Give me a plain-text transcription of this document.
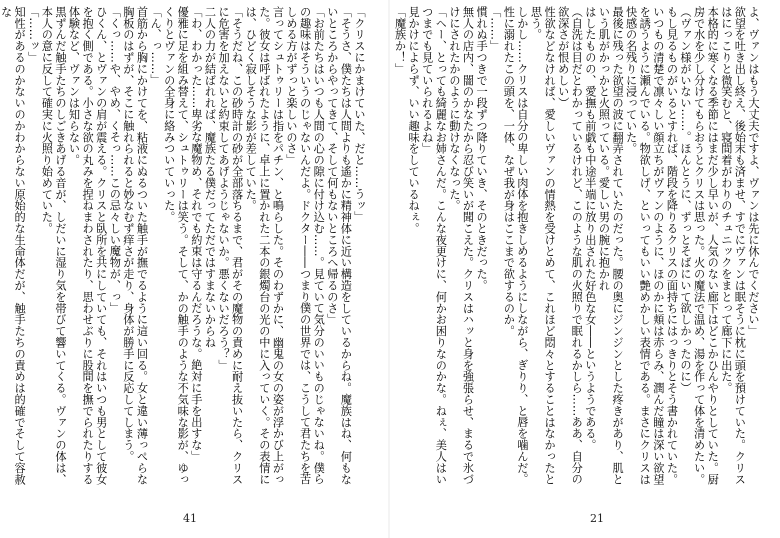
「クリスにかまけていた、だと……うッ」
「そうさ、僕たちは人間よりも遙かに精神体に近い構造をしているからね。魔族はね、何もないところからやってきて、そして何もないところへ帰るのさ」
「お前たちはいつも人間の心の隙に付け込む……。見ていて気分のいいものじゃないね。僕らの趣味はそういうのじゃないんだよ。ドクター――つまり僕の世界では、こうして君たちを苦しめる方がずっと楽しいのさ」
言ってシュトゥリーは指をパチン、と鳴らした。そのわずかに、幽鬼の女の姿が浮かび上がった。彼女は呼ばれたように、卓上に置かれた二本の銀燭台の光の中に入っていく。その表情には、ひどく寂しそうな影が差していた。
「そうだね、この砂時計の砂が全部落ちるまで、君がその魔物の責めに耐え抜いたら、クリスに危害を加えないと約束してあげようじゃないか。悪くないだろう？」
二人の力が結ばれれば、魔族たる僕だってただではすまないからね
「わ、わかった……卑劣な魔物め、それでも約束は守るんだろうな。絶対に手を出すな」
優雅に足を組み替えて、シュトゥリーは笑う。そして、かの触手のような不気味な影が、ゆっくりとヴァンの全身に絡みついていった。
「ん、っ……」
首筋から胸にかけてを、粘液にぬるついた触手が撫でるように這い回る。女と違い薄っぺらな胸板のはずが、そこに触れられると妙なむず痒さが走り、身体が勝手に反応してしまう。
「くっ……や、やめ、くそっ……この忌々しい魔物が、っ」
ひくん、とヴァンの肩が震える。クリスと臥所を共にしていても、それはいつも男として彼女を抱く側である。小さな欲の丸みを捏ねまわされたり、思わせぶりに股間を撫でられたりする体験など、ヴァンは知らない。
黒ずんだ触手たちのしごきあげる音が、しだいに湿り気を帯びて響いてくる。ヴァンの体は、本人の意に反して確実に火照り始めていた。
「……ッ」
知性があるのかないのかわからない原始的な生命体だが、触手たちの責めは的確でそして容赦な
41
よ、ヴァンはもう大丈夫ですよ、ヴァンは先に休んでください」
欲望を吐き出し終え、後始末も済ませ、すでにヴァンは眠そうに枕に頭を預けていた。クリスはにっこりと微笑むと、寝間着がわりのチュニックをまとって廊下に出た。
本格的に寒くなる季節にはまだ少し早いが、人気のない廊下はどこかひんやりとしていた。厨房で水を少し分けてもらおうとクリスは思った。火の魔法で温め、湯を作って体を清めたい。
（ヴァン様がいない……。ほんとうに、ずっとそばにいて欲しかったのに）
もし見るものがいるとすれば、階段を降りるクリスの面持ちにはっきりとそう書かれていた。
いつもの清楚で凛々しい顔立ちがヴァンのように、ほのかに頬は赤らみ、潤んだ瞳は深い欲望を誘うように瀬んでいる。物欲しげ、といってもいい艶めかしい表情である。まさにクリスは快感の名残りに浸っていた。
最後に残った欲望の波に翻弄されていたのだった。腰の奥にジンジンとした疼きがあり、肌という肌がかっかと火照っている。愛しい男の腕に抱かれ
はしたものの、愛撫も前戯も中途半端に放り出された好色な女――というようである。
（自洗は目だとわかっているけれど、このような肌の火照りで眠れるかしら……ああ、自分の欲深さが恨めしい）
性欲などなければ、愛しいヴァンの情熱を受けとめて、これほど悶々とすることはなかったと思う。
しかし……クリスは自分の卑しい肉体を抱きしめるようにしながら、ぎりり、と唇を噛んだ。性に溺れたこの頭を、一体、なぜ我が身はここまで欲するのか。
「……」
慣れぬ手つきで一段ずつ降りていき、そのときだった。
無人の店内、闇のかなたから忍び笑いが聞こえた。クリスはハッと身を強張らせ、まるで氷づけにされたかのように動けなくなった。
「ヘー、とっても綺麗なお姉さんだ。こんな夜更けに、何かお困りなのかな。ねぇ、美人はいつまでも見ていられるよね」
見かけによらず、いい趣味をしているねぇ。
「魔族か！」
21
